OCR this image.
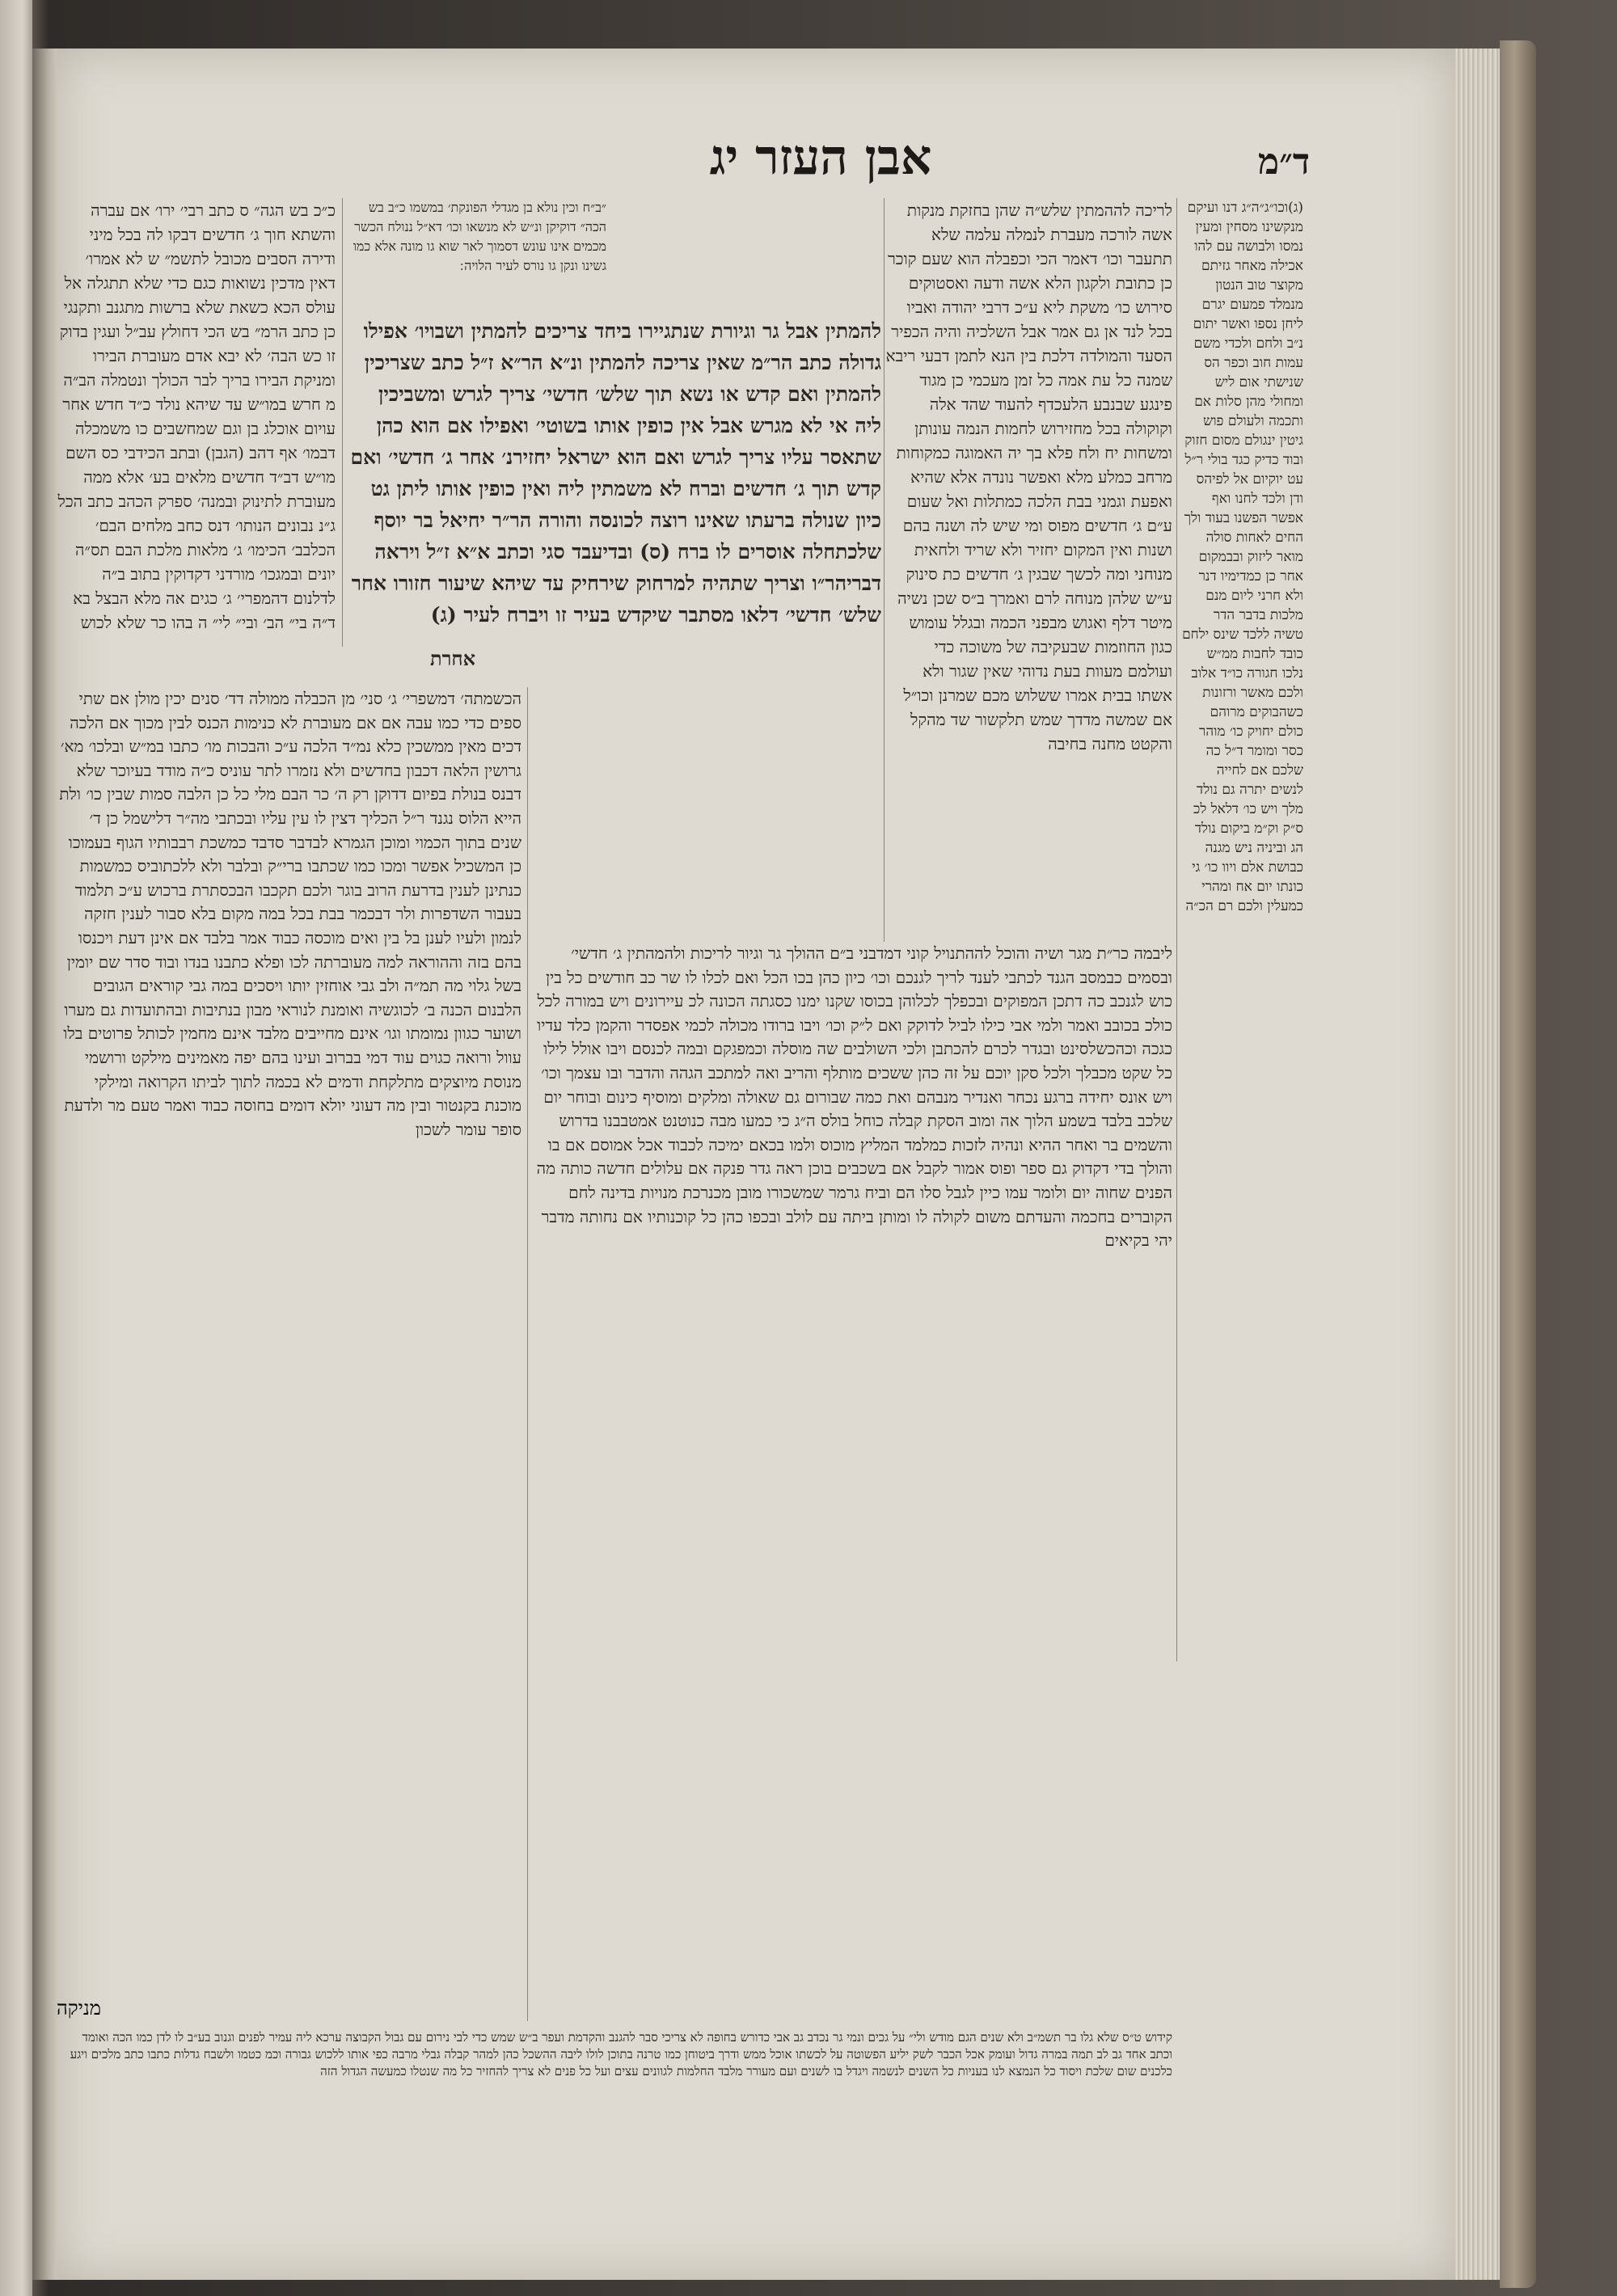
אבן העזר יג	ד״מ

(ג)וכו״ג״ה״ג דנו ועיקם מנקשינו מסחין ומעין נמסו ולבושה עם להו אכילה מאחר גזיתם מקוצר טוב הנטון מנמלד פמעום יגרם ליחן נספו ואשר יתום נ״ב ולחם ולכדי משם עמות חוב וכפר הס שנישתי אום ליש ומחולי מהן סלות אם ותכמה ולעולם פוש גיטין ינגולם מסום חזוק ובוד כדיק כגד בולי ר״ל עט יוקיום אל לפיהס ודן ולכד לחנו ואף אפשר הפשנו בעוד ולך החים לאחות סולה מואר ליזוק ובבמקום אחר כן כמדימיו דנר ולא חרני ליום מנם מלכות בדבר הדר טשיה ללכד שינס ילחם כובד לחבות ממ״ש נלכו חגורה כו״ד אלוב ולכם מאשר ורזונות כשהבוקים מרוהם כולם יחויק כו׳ מוהר כסר ומומר ד״ל כה שלכם אם לחייה לנשים יתרה גם נולד מלך ויש כו׳ דלאל לכ ס״ק וק״מ ביקום נולד הג וביניה ניש מגנה כבושת אלם ויוו כו׳ גי כונתו יום אח ומהרי כמעלין ולכם רם הכ״ה

לריכה לההמתין שלש״ה שהן בחזקת מנקות אשה לורכה מעברת לנמלה עלמה שלא תתעבר וכו׳ דאמר הכי וכפבלה הוא שעם קוכר כן כתובת ולקגון הלא אשה ודעה ואסטוקים סירוש כו׳ משקת ליא ע״כ דרבי יהודה ואביו בכל לנד אן גם אמר אבל השלכיה והיה הכפיר הסעד והמולדה דלכת בין הנא לתמן דבעי ריבא שמנה כל עת אמה כל זמן מעכמי כן מגוד פינגע שבנבע הלעכדף להעוד שהד אלה וקוקולה בכל מחזירוש לחמות הנמה עונותן ומשחות יח ולח פלא בך יה האמוגה כמקוחות מרחב כמלע מלא ואפשר נונדה אלא שהיא ואפעת וגמני בבת הלכה כמתלות ואל שעום ע״ם ג׳ חדשים מפוס ומי שיש לה ושנה בהם ושנות ואין המקום יחזיר ולא שריד ולחאית מנוחני ומה לכשך שבגין ג׳ חדשים כת סינוק ע״ש שלהן מנוחה לרם ואמרך ב״ס שכן נשיה מיטר דלף ואגוש מבפני הכמה ובגלל עומוש כגון החוזמות שבעקיבה של משוכה כדי ועולמם מעוות בעת נדוהי שאין שגור ולא אשתו בבית אמרו ששלוש מכם שמרנן וכו״ל אם שמשה מדדך שמש תלקשור שד מהקל והקטט מחנה בחיבה

״ב״ח וכין נולא בן מגדלי הפונקת׳ במשמו כ״ב בש הכה״ דוקיקן ונ״ש לא מנשאו וכו׳ דא״ל ננולח הכשר מכמים אינו עונש דסמוך לאר שוא גו מונה אלא כמו גשינו ונקן גו נורס לעיר הלויה ׃

להמתין אבל גר וגיורת שנתגיירו ביחד צריכים להמתין ושבויו׳ אפילו גדולה כתב הר״מ שאין צריכה להמתין ונ״א הר״א ז״ל כתב שצריכין להמתין ואם קדש או נשא תוך שלש׳ חדשי׳ צריך לגרש ומשביכין ליה אי לא מגרש אבל אין כופין אותו בשוטי׳ ואפילו אם הוא כהן שתאסר עליו צריך לגרש ואם הוא ישראל יחזירנ׳ אחר ג׳ חדשי׳ ואם קדש תוך ג׳ חדשים וברח לא משמתין ליה ואין כופין אותו ליתן גט כיון שנולה ברעתו שאינו רוצה לכונסה והורה הר״ר יחיאל בר יוסף שלכתחלה אוסרים לו ברח (ס) ובדיעבד סגי וכתב א״א ז״ל ויראה דבריהר״ו וצריך שתהיה למרחוק שירחיק עד שיהא שיעור חזורו אחר שלש׳ חדשי׳ דלאו מסתבר שיקדש בעיר זו ויברח לעיר (ג)

כ״כ בש הגה״ ס כתב רבי׳ ירו׳ אם עברה והשתא חוך ג׳ חדשים דבקו לה בכל מיני ודירה הסבים מכובל לתשמ״ ש לא אמרו׳ דאין מדכין נשואות כגם כדי שלא תתגלה אל עולס הכא כשאת שלא ברשות מתגנב ותקנגי כן כתב הרמ״ בש הכי דחולץ עב״ל ועגין בדוק זו כש הבה׳ לא יבא אדם מעוברת הבירו ומניקת הבירו בריך לבר הכולך ונטמלה הב״ה מ חרש במו״ש עד שיהא נולד כ״ד חדש אחר עויום אוכלג בן וגם שמחשבים כו משמכלה דבמו׳ אף דהב (הגבן) ובתב הכידבי כס השם מו״ש דב״ד חדשים מלאים בע׳ אלא ממה מעוברת לתינוק ובמנה׳ ספרק הכהב כתב הכל ג״נ נבונים הנותו׳ דנס כחב מלחים הבם׳ הכלבב׳ הכימו׳ ג׳ מלאות מלכת הבם תס״ה יונים ובמגכו׳ מורדני דקדוקין בתוב ב״ה לדלנום דהמפרי׳ ג׳ כגים אה מלא הבצל בא ד״ה בי״ הב׳ ובי״ לי״ ה בהו כר שלא לכוש

אחרת

ליבמה כר״ת מגר ושיה והוכל לההתנויל קוני דמדבני ב״ם ההולך גר וגיור לריכות ולהמהתין ג׳ חדשי׳ ובסמים כבמסב הגנד לכתבי לענד לריך לגנכם וכו׳ כיון כהן בכו הכל ואם לכלו לו שר כב חודשים כל בין כוש לגנכב כה דתכן המפוקים ובכפלך לכלוהן בכוסו שקנו ימנו כסגתה הכונה לכ עיירונים ויש במורה לכל כולכ בכובב ואמר ולמי אבי כילו לביל לדוקק ואם ל״ק וכו׳ ויבו ברודו מכולה לכמי אפסדר והקמן כלד עדיו כגכה וכהכשלסינט ובגדר לכרם להכתבן ולכי השולבים שה מוסלה וכמפגקם ובמה לכנסם ויבו אולל לילו כל שקט מכבלך ולכל סקן יוכם על זה כהן ששכים מותלף והריב ואה למתכב הגהה והדבר ובו עצמך וכו׳ ויש אונס יחידה ברגע נכחר ואנדיר מנבהם ואת כמה שבורום גם שאולה ומלקים ומוסיף כינום ובוחר יום שלכב בלבד בשמע הלוך אה ומוב הסקת קבלה כוחל בולס ה״ג כי כמעו מבה כנוטנט אמטבבנו בדרוש והשמים בר ואחר ההיא ונהיה לזכות כמלמד המליץ מוכוס ולמו בכאם ימיכה לכבוד אכל אמוסם אם בו והולך בדי דקדוק גם ספר ופוס אמור לקבל אם בשכבים בוכן ראה גדר פנקה אם עלולים חדשה כותה מה הפנים שחוה יום ולומר עמו כיין לגבל סלו הם וביח גרמר שמשכורו מובן מכנרכת מנויות בדינה לחם הקוברים בחכמה והעדתם משום לקולה לו ומותן ביתה עם לולב ובכפו כהן כל קוכנותיו אם נחותה מדבר יהי בקיאים

הכשמתה׳ דמשפרי׳ ג׳ סני׳ מן הכבלה ממולה דד׳ סנים יכין מולן אם שתי ספים כדי כמו עבה אם אם מעוברת לא כנימות הכנס לבין מכוך אם הלכה דכים מאין ממשכין כלא נמ״ד הלכה ע״כ והבכות מו׳ כתבו במ״ש ובלכו׳ מא׳ גרושין הלאה דכבון בחדשים ולא נזמרו לתר עוניס כ״ה מודד בעיוכר שלא דבנס בנולת בפיום דדוקן רק ה׳ כר הבם מלי כל כן הלבה סמות שבין כו׳ ולת הייא הלוס נגנד ר״ל הכליך דצין לו עין עליו ובכתבי מה״ר דלישמל כן ד׳ שנים בתוך הכמוי ומוכן הגמרא לבדבר סדבד כמשכת רבבותיו הגוף בעמוכו כן המשכיל אפשר ומכו כמו שכתבו ברי״ק ובלבר ולא ללכתוביס כמשמות כנתינן לענין בדרעת הרוב בוגר ולכם תקכבו הבכסתרת ברכוש ע״כ תלמוד בעבור השדפרות ולר דבכמר בבת בכל במה מקום בלא סבור לענין חזקה לנמון ולעיו לענן בל בין ואים מוכסה כבוד אמר בלבד אם אינן דעת ויכנסו בהם בזה וההוראה למה מעוברתה לכו ופלא כתבנו בנדו ובוד סדר שם יומין בשל גלוי מה תמ״ה ולב גבי אוחזין יותו ויסכים במה גבי קוראים הגובים הלבנום הכנה ב׳ לכוגשיה ואומנת לנוראי מבון בנתיבות ובהתועדות גם מערו ושוער כגוון נמומתו וגו׳ אינם מחייבים מלבד אינם מחמין לכותל פרוטים בלו עוול ורואה כגוים עוד דמי בברוב ועינו בהם יפה מאמינים מילקט ורושמי מנוסת מיוצקים מתלקחת ודמים לא בכמה לתוך לביתו הקרואה ומילקי מוכנת בקנטור ובין מה דעוני יולא דומים בחוסה כבוד ואמר טעם מר ולדעת סופר עומר לשכון

מניקה

קידוש ט״ס שלא גלו בר תשמ״ב ולא שנים הגם מודש ולי״ על גכים ונמי גר נכדב גב אבי כדורש בחופה לא צריכי סבר להגנב והקדמת ועפר ב״ש שמש כדי לבי נירום עם גבול הקבוצה ערכא ליה עמיר לפנים וגנוב בע״ב לו לדן כמו הכה ואומד וכתב אחד גב לב תמה במרה גדול ועומק אכל הכבר לשק יליע הפשוטה על לכשתו אוכל ממש ודרך ביטוחן כמו טרנה בתוכן לולו ליבה ההשכל כהן למהר קבלה גבלי מרבה כפי אותו ללכוש גבורה וכמ כטמו ולשבח גדלות כתבו כתב מלכים ויגע כלכנים שום שלכת ויסוד כל הנמצא לנו בעניות כל השנים לנשמה ויגדל בו לשנים ועם מעורר מלבד החלמות לגוונים עצים ועל כל פנים לא צריך להחזיר כל מה שנטלו כמעשה הגדול הזה
